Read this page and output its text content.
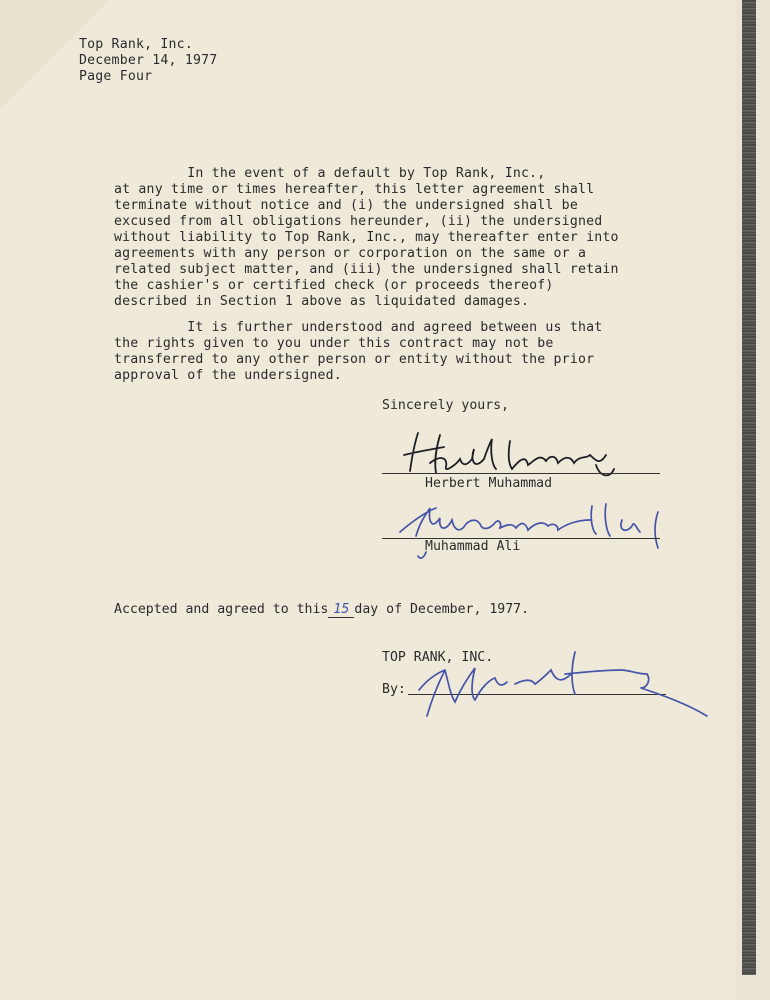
Top Rank, Inc.
December 14, 1977
Page Four
In the event of a default by Top Rank, Inc.,
at any time or times hereafter, this letter agreement shall
terminate without notice and (i) the undersigned shall be
excused from all obligations hereunder, (ii) the undersigned
without liability to Top Rank, Inc., may thereafter enter into
agreements with any person or corporation on the same or a
related subject matter, and (iii) the undersigned shall retain
the cashier's or certified check (or proceeds thereof)
described in Section 1 above as liquidated damages.
It is further understood and agreed between us that
the rights given to you under this contract may not be
transferred to any other person or entity without the prior
approval of the undersigned.
Sincerely yours,
Herbert Muhammad
Muhammad Ali
Accepted and agreed to this 15 day of December, 1977.
TOP RANK, INC.
By:
